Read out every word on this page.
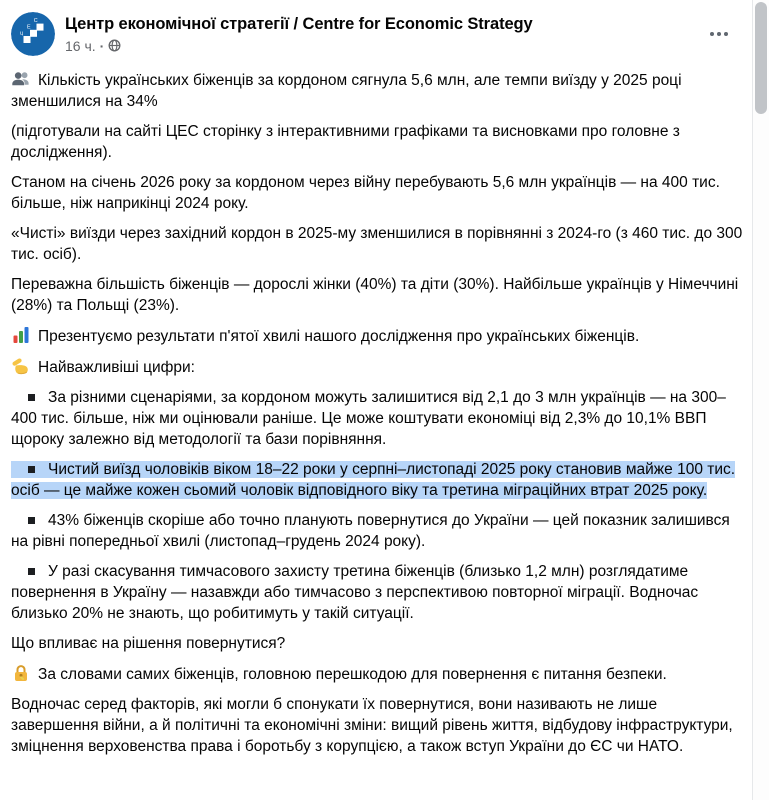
ц
Е
С Центр економічної стратегії / Centre for Economic Strategy
16 ч. ·
Кількість українських біженців за кордоном сягнула 5,6 млн, але темпи виїзду у 2025 році зменшилися на 34%
(підготували на сайті ЦЕС сторінку з інтерактивними графіками та висновками про головне з дослідження).
Станом на січень 2026 року за кордоном через війну перебувають 5,6 млн українців — на 400 тис. більше, ніж наприкінці 2024 року.
«Чисті» виїзди через західний кордон в 2025-му зменшилися в порівнянні з 2024-го (з 460 тис. до 300 тис. осіб).
Переважна більшість біженців — дорослі жінки (40%) та діти (30%). Найбільше українців у Німеччині (28%) та Польщі (23%).
Презентуємо результати п'ятої хвилі нашого дослідження про українських біженців.
Найважливіші цифри:
За різними сценаріями, за кордоном можуть залишитися від 2,1 до 3 млн українців — на 300–400 тис. більше, ніж ми оцінювали раніше. Це може коштувати економіці від 2,3% до 10,1% ВВП щороку залежно від методології та бази порівняння.
Чистий виїзд чоловіків віком 18–22 роки у серпні–листопаді 2025 року становив майже 100 тис. осіб — це майже кожен сьомий чоловік відповідного віку та третина міграційних втрат 2025 року.
43% біженців скоріше або точно планують повернутися до України — цей показник залишився на рівні попередньої хвилі (листопад–грудень 2024 року).
У разі скасування тимчасового захисту третина біженців (близько 1,2 млн) розглядатиме повернення в Україну — назавжди або тимчасово з перспективою повторної міграції. Водночас близько 20% не знають, що робитимуть у такій ситуації.
Що впливає на рішення повернутися?
За словами самих біженців, головною перешкодою для повернення є питання безпеки.
Водночас серед факторів, які могли б спонукати їх повернутися, вони називають не лише завершення війни, а й політичні та економічні зміни: вищий рівень життя, відбудову інфраструктури, зміцнення верховенства права і боротьбу з корупцією, а також вступ України до ЄС чи НАТО.
